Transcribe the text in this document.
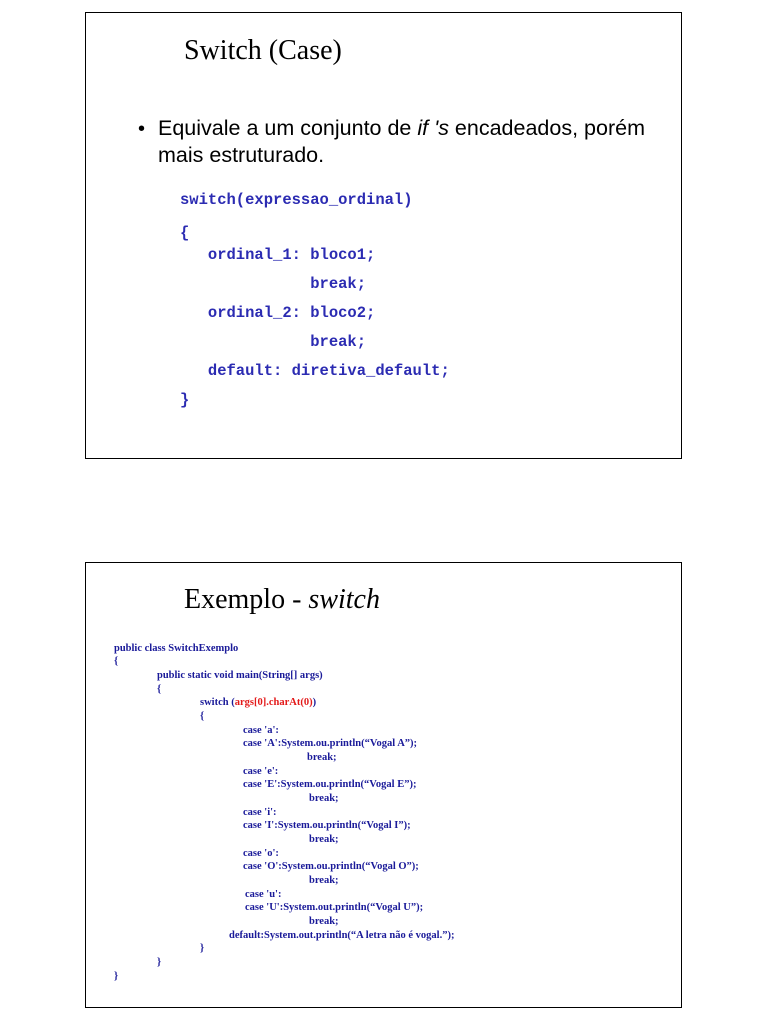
Switch (Case)
• Equivale a um conjunto de if 's encadeados, porém mais estruturado.
switch(expressao_ordinal)
{
ordinal_1: bloco1;
break;
ordinal_2: bloco2;
break;
default: diretiva_default;
}
Exemplo - switch
public class SwitchExemplo
{
public static void main(String[] args)
{
switch (args[0].charAt(0))
{
case 'a':
case 'A':System.ou.println(“Vogal A”);
break;
case 'e':
case 'E':System.ou.println(“Vogal E”);
break;
case 'i':
case 'I':System.ou.println(“Vogal I”);
break;
case 'o':
case 'O':System.ou.println(“Vogal O”);
break;
case 'u':
case 'U':System.out.println(“Vogal U”);
break;
default:System.out.println(“A letra não é vogal.”);
}
}
}
